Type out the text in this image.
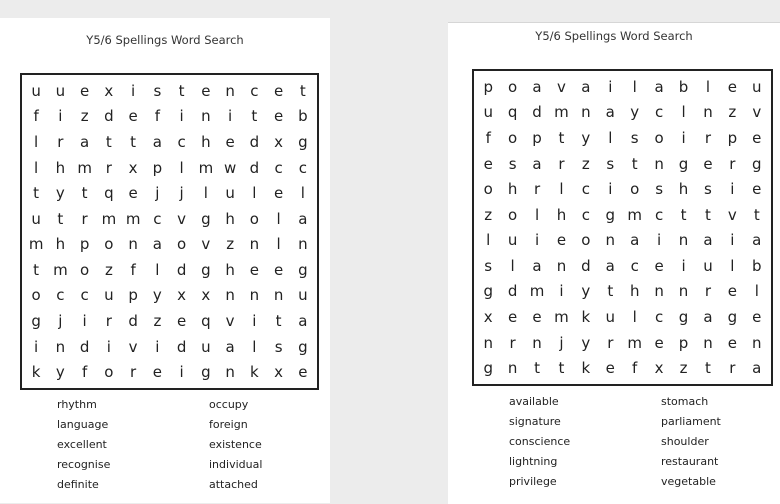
Y5/6 Spellings Word Search
u u e	x	i	s	t	e n	c	e	t
f	i	z	d e	f	i	n	i	t	e b
l	r	a	t	t	a	c	h e d	x	g
l	h m r	x	p	l m w d	c	c
t	y	t	q e	j	j	l	u	l	e	l
u	t	r m m c	v	g h o	l	a
m h p o n a	o	v	z	n	l	n
t m o	z	f	l	d g h e	e g
o	c	c	u p	y	x	x	n n n u
g	j	i	r	d	z	e q	v	i	t	a
i	n d	i	v	i	d u a	l	s	g
k	y	f	o	r	e	i	g n	k	x	e
rhythm	occupy
language	foreign
excellent	existence
recognise	individual
definite	attached
Y5/6 Spellings Word Search
p	o	a	v	a	i	l	a	b	l	e	u
u q d m n	a	y	c	l	n	z	v
f	o	p	t	y	l	s	o	i	r	p	e
e	s	a	r	z	s	t	n g	e	r	g
o	h	r	l	c	i	o	s	h	s	i	e
z	o	l	h	c	g m c	t	t	v	t
l	u	i	e	o	n	a	i	n	a	i	a
s	l	a	n d	a	c	e	i	u	l	b
g d m	i	y	t	h n n	r	e	l
x	e	e m k	u	l	c	g	a	g	e
n	r	n	j	y	r m e	p n	e	n
g n	t	t	k	e	f	x	z	t	r	a
available	stomach
signature	parliament
conscience	shoulder
lightning	restaurant
privilege	vegetable
